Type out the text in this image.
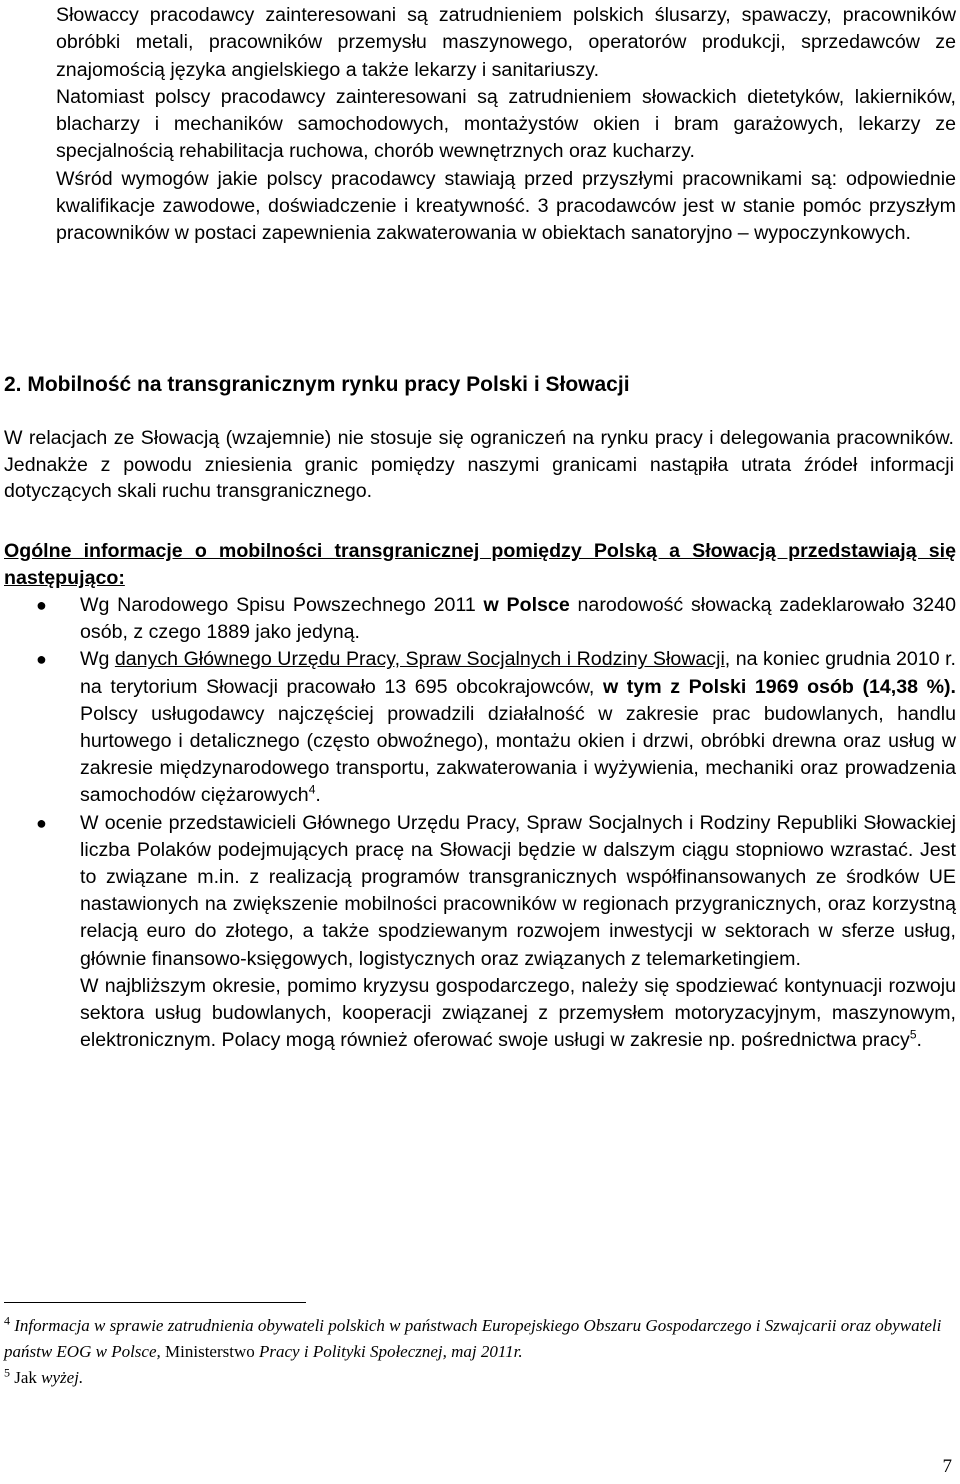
Słowaccy pracodawcy zainteresowani są zatrudnieniem polskich ślusarzy, spawaczy, pracowników obróbki metali, pracowników przemysłu maszynowego, operatorów produkcji, sprzedawców ze znajomością języka angielskiego a także lekarzy i sanitariuszy.

Natomiast polscy pracodawcy zainteresowani są zatrudnieniem słowackich dietetyków, lakierników, blacharzy i mechaników samochodowych, montażystów okien i bram garażowych, lekarzy ze specjalnością rehabilitacja ruchowa, chorób wewnętrznych oraz kucharzy.

Wśród wymogów jakie polscy pracodawcy stawiają przed przyszłymi pracownikami są: odpowiednie kwalifikacje zawodowe, doświadczenie i kreatywność. 3 pracodawców jest w stanie pomóc przyszłym pracowników w postaci zapewnienia zakwaterowania w obiektach sanatoryjno – wypoczynkowych.

2. Mobilność na transgranicznym rynku pracy Polski i Słowacji

W relacjach ze Słowacją (wzajemnie) nie stosuje się ograniczeń na rynku pracy i delegowania pracowników. Jednakże z powodu zniesienia granic pomiędzy naszymi granicami nastąpiła utrata źródeł informacji dotyczących skali ruchu transgranicznego.

Ogólne informacje o mobilności transgranicznej pomiędzy Polską a Słowacją przedstawiają się następująco:

● Wg Narodowego Spisu Powszechnego 2011 w Polsce narodowość słowacką zadeklarowało 3240 osób, z czego 1889 jako jedyną.
● Wg danych Głównego Urzędu Pracy, Spraw Socjalnych i Rodziny Słowacji, na koniec grudnia 2010 r. na terytorium Słowacji pracowało 13 695 obcokrajowców, w tym z Polski 1969 osób (14,38 %). Polscy usługodawcy najczęściej prowadzili działalność w zakresie prac budowlanych, handlu hurtowego i detalicznego (często obwoźnego), montażu okien i drzwi, obróbki drewna oraz usług w zakresie międzynarodowego transportu, zakwaterowania i wyżywienia, mechaniki oraz prowadzenia samochodów ciężarowych$^4$.
● W ocenie przedstawicieli Głównego Urzędu Pracy, Spraw Socjalnych i Rodziny Republiki Słowackiej liczba Polaków podejmujących pracę na Słowacji będzie w dalszym ciągu stopniowo wzrastać. Jest to związane m.in. z realizacją programów transgranicznych współfinansowanych ze środków UE nastawionych na zwiększenie mobilności pracowników w regionach przygranicznych, oraz korzystną relacją euro do złotego, a także spodziewanym rozwojem inwestycji w sektorach w sferze usług, głównie finansowo-księgowych, logistycznych oraz związanych z telemarketingiem.

W najbliższym okresie, pomimo kryzysu gospodarczego, należy się spodziewać kontynuacji rozwoju sektora usług budowlanych, kooperacji związanej z przemysłem motoryzacyjnym, maszynowym, elektronicznym. Polacy mogą również oferować swoje usługi w zakresie np. pośrednictwa pracy$^5$.

$^4$ Informacja w sprawie zatrudnienia obywateli polskich w państwach Europejskiego Obszaru Gospodarczego i Szwajcarii oraz obywateli państw EOG w Polsce, Ministerstwo Pracy i Polityki Społecznej, maj 2011r.

$^5$ Jak wyżej.

7
